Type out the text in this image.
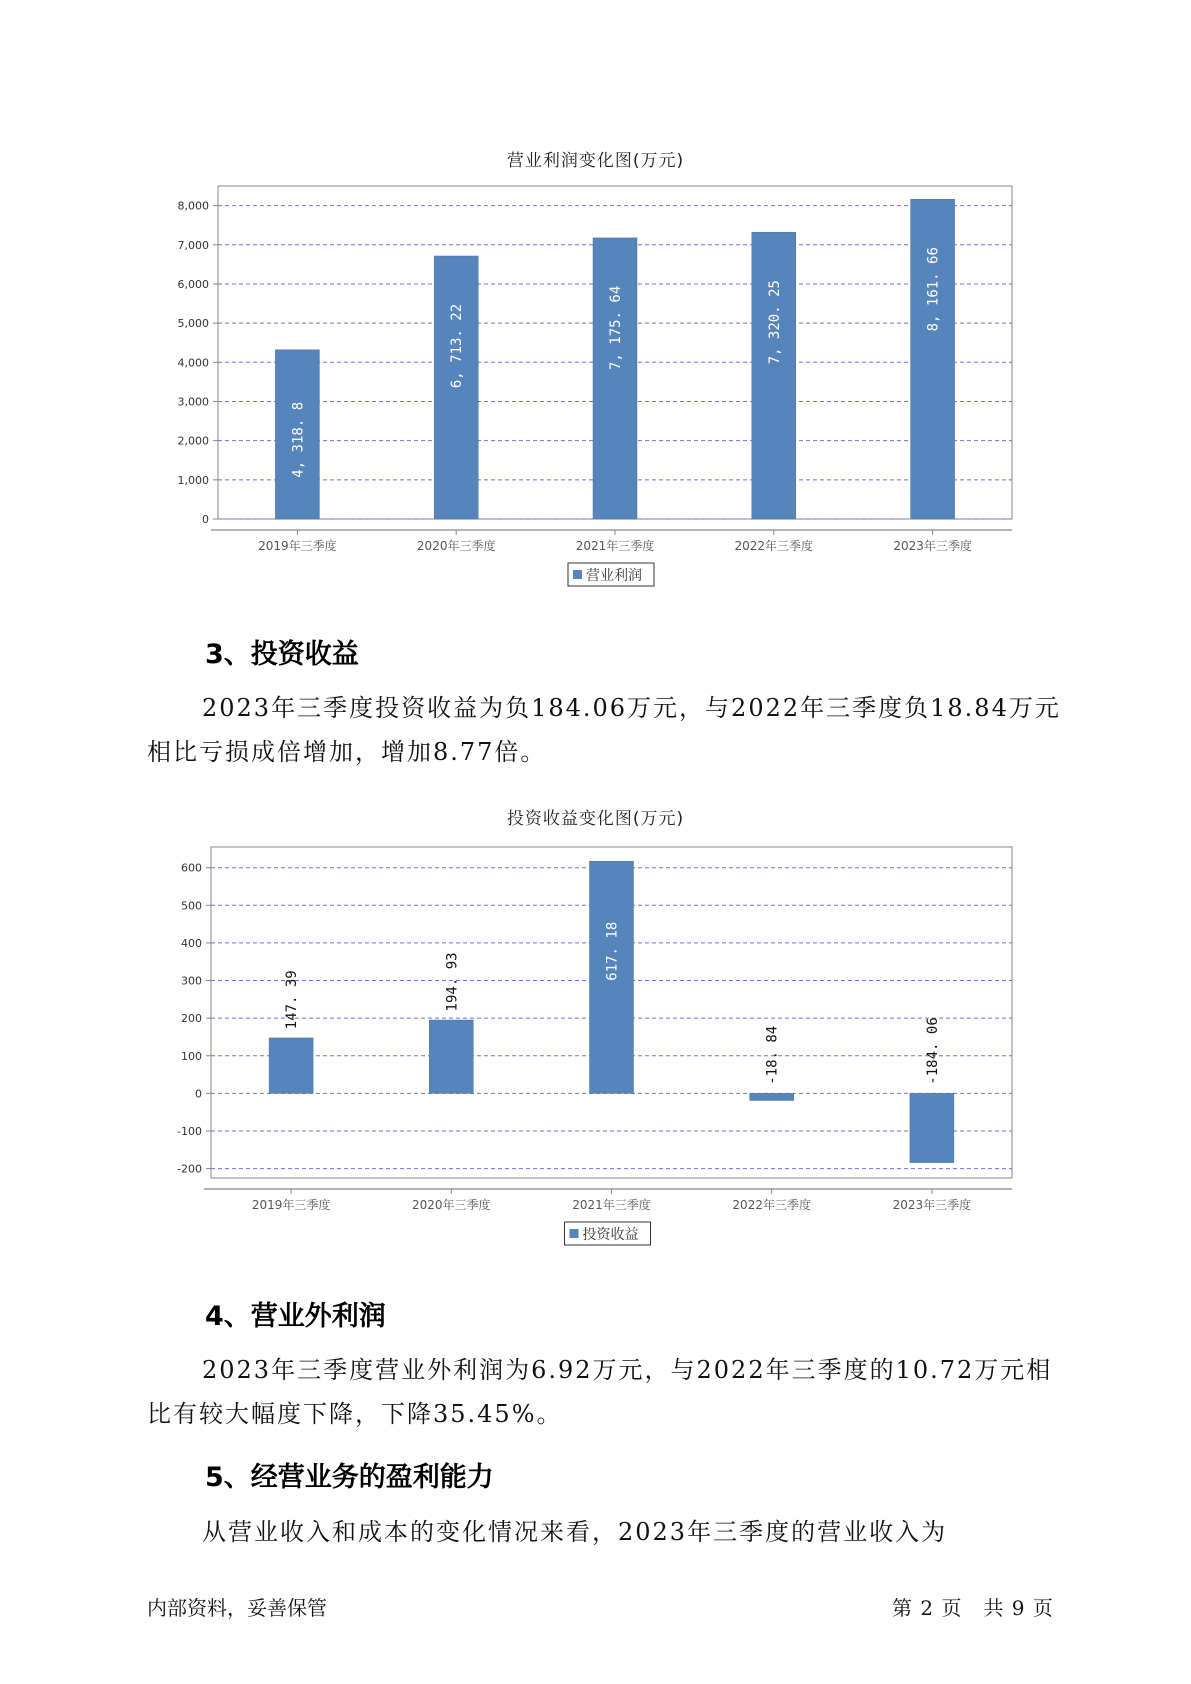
营业利润变化图(万元)
0
1,000
2,000
3,000
4,000
5,000
6,000
7,000
8,000
2019年三季度
4, 318. 8
2020年三季度
6, 713. 22
2021年三季度
7, 175. 64
2022年三季度
7, 320. 25
2023年三季度
8, 161. 66
营业利润
3、投资收益
2023年三季度投资收益为负184.06万元，与2022年三季度负18.84万元相比亏损成倍增加，增加8.77倍。
投资收益变化图(万元)
-200
-100
0
100
200
300
400
500
600
2019年三季度
147. 39
2020年三季度
194. 93
2021年三季度
617. 18
2022年三季度
-18. 84
2023年三季度
-184. 06
投资收益
4、营业外利润
2023年三季度营业外利润为6.92万元，与2022年三季度的10.72万元相比有较大幅度下降，下降35.45%。
5、经营业务的盈利能力
从营业收入和成本的变化情况来看，2023年三季度的营业收入为
内部资料，妥善保管	第 2 页　共 9 页
